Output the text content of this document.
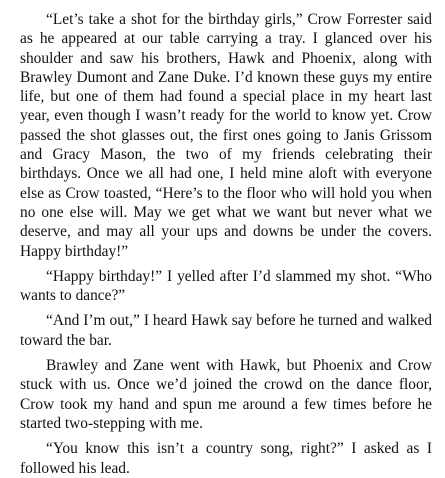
“Let’s take a shot for the birthday girls,” Crow Forrester said as he appeared at our table carrying a tray. I glanced over his shoulder and saw his brothers, Hawk and Phoenix, along with Brawley Dumont and Zane Duke. I’d known these guys my entire life, but one of them had found a special place in my heart last year, even though I wasn’t ready for the world to know yet. Crow passed the shot glasses out, the first ones going to Janis Grissom and Gracy Mason, the two of my friends celebrating their birthdays. Once we all had one, I held mine aloft with everyone else as Crow toasted, “Here’s to the floor who will hold you when no one else will. May we get what we want but never what we deserve, and may all your ups and downs be under the covers. Happy birthday!”

“Happy birthday!” I yelled after I’d slammed my shot. “Who wants to dance?”

“And I’m out,” I heard Hawk say before he turned and walked toward the bar.

Brawley and Zane went with Hawk, but Phoenix and Crow stuck with us. Once we’d joined the crowd on the dance floor, Crow took my hand and spun me around a few times before he started two-stepping with me.

“You know this isn’t a country song, right?” I asked as I followed his lead.
